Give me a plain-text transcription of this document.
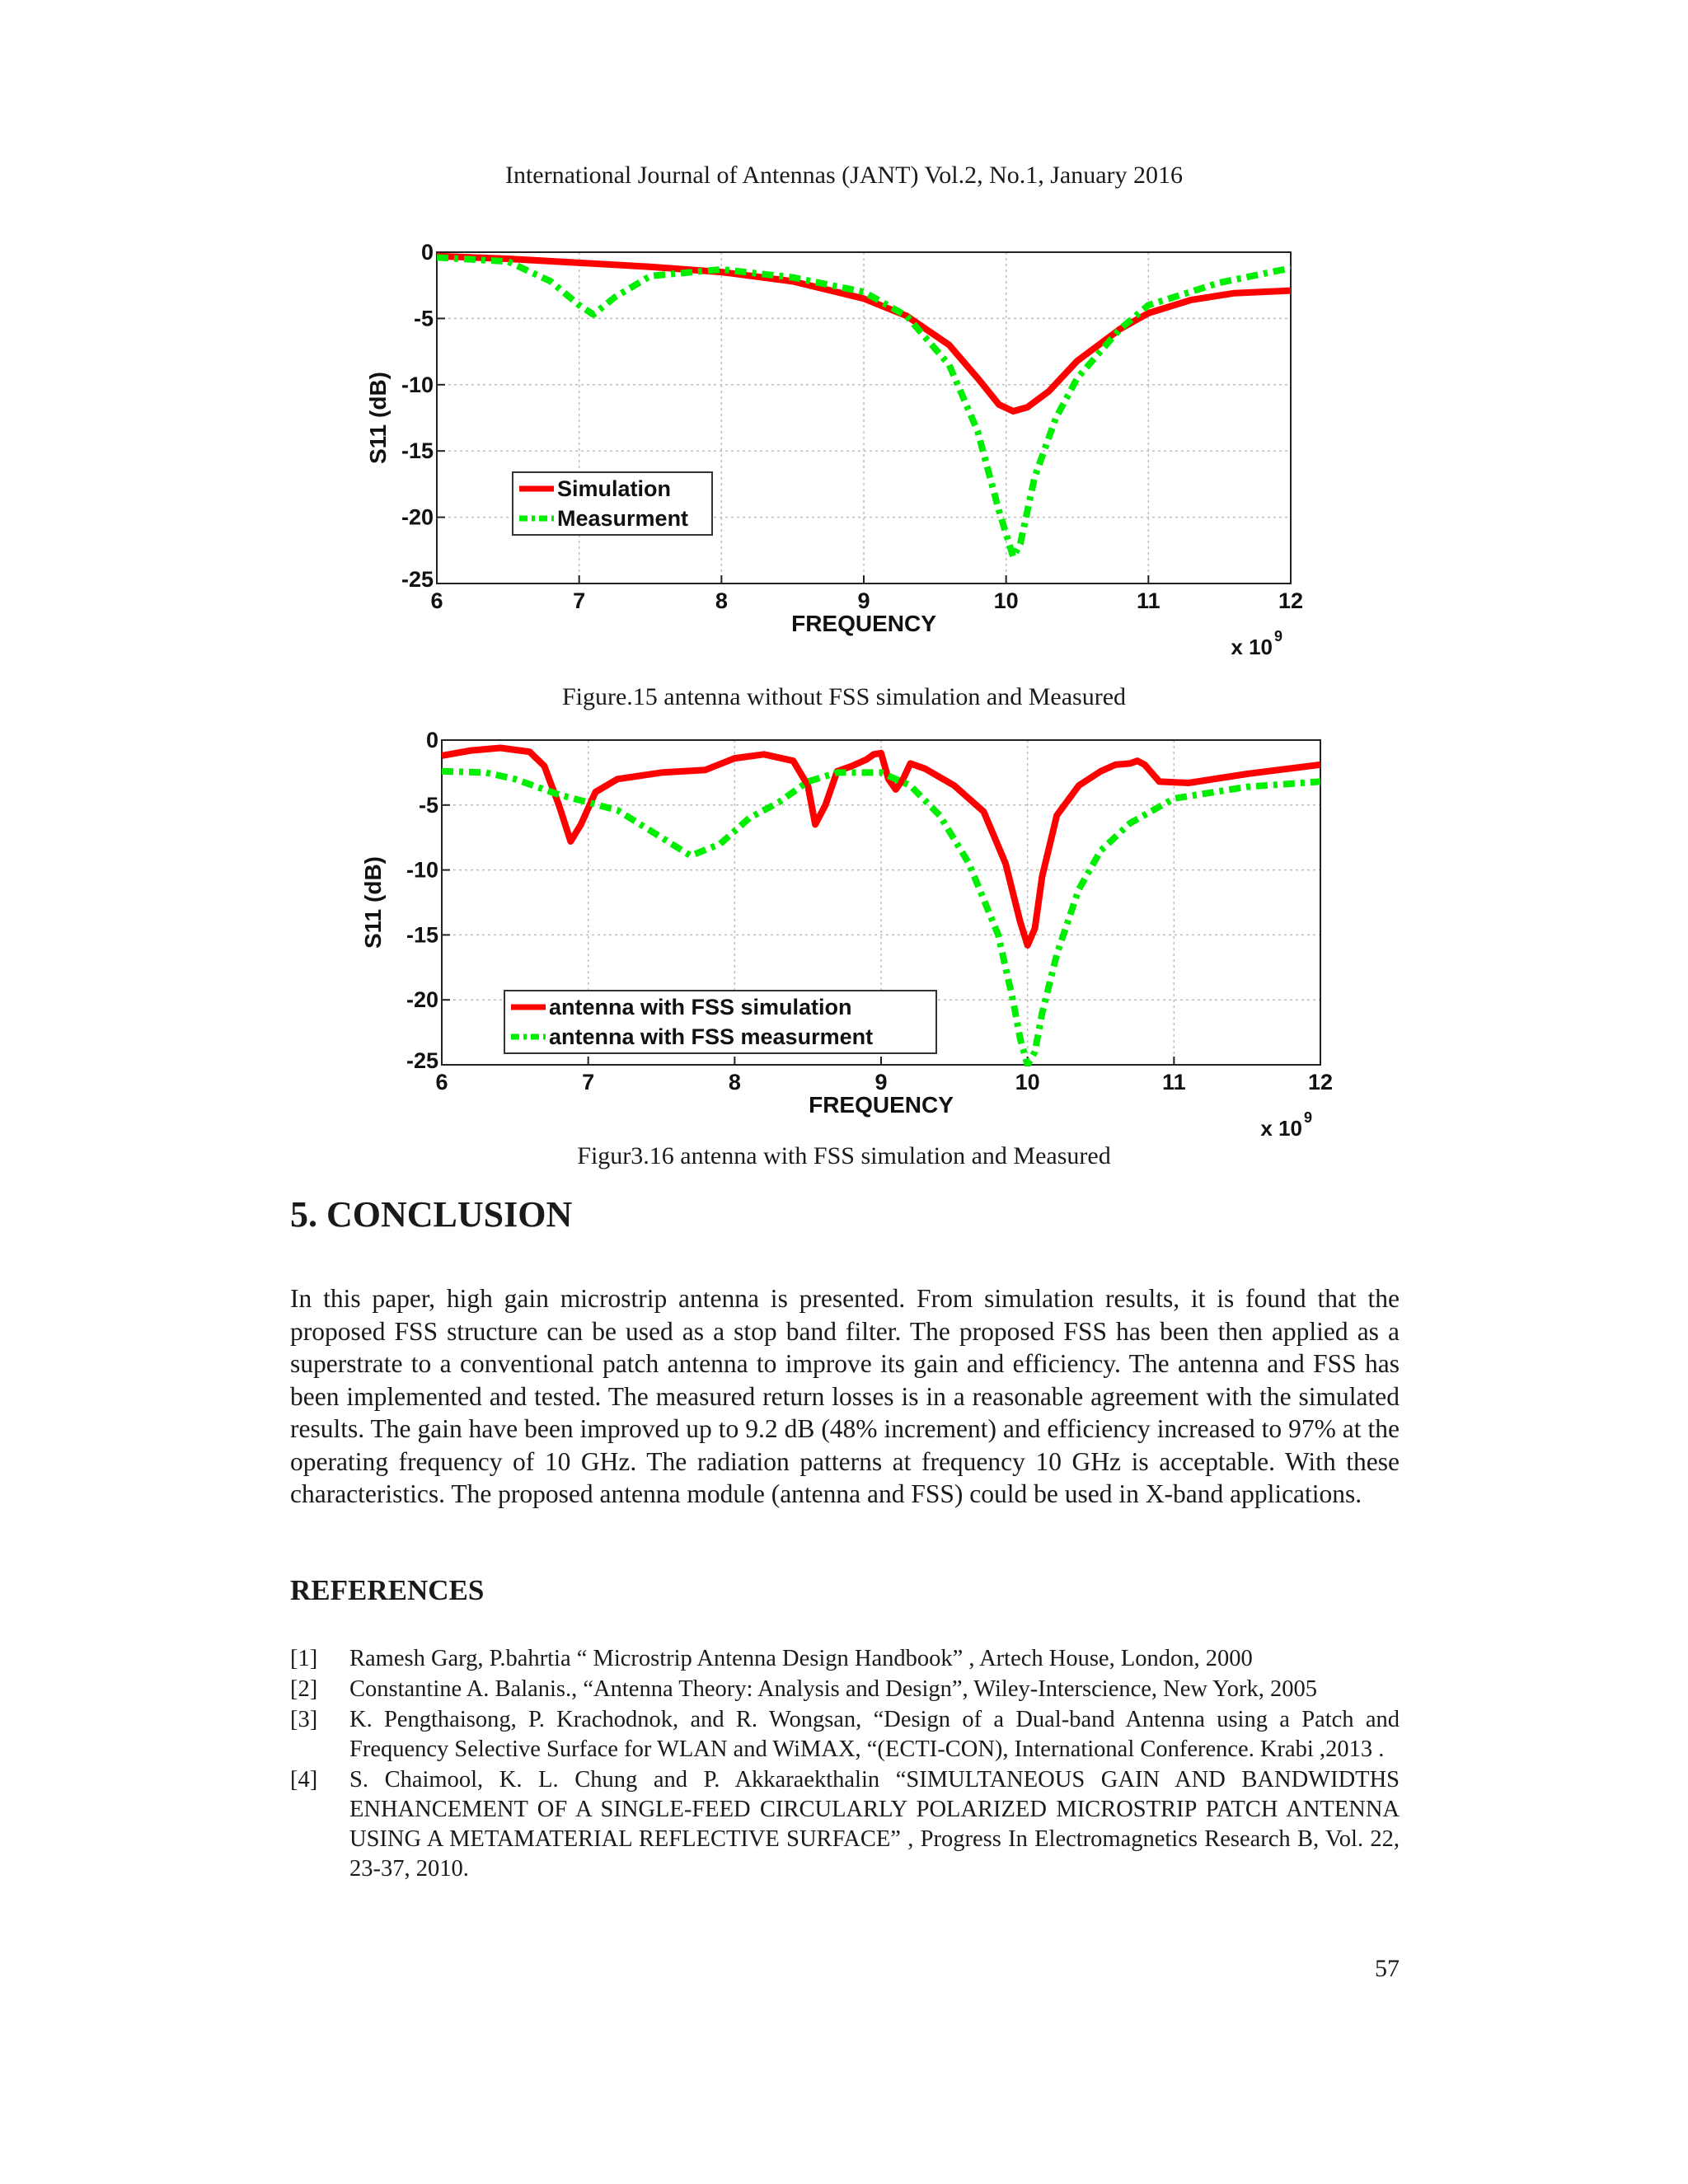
International Journal of Antennas (JANT) Vol.2, No.1, January 2016
6	7	8	9	10	11	12
0
-5
-10
-15
-20
-25
FREQUENCY
S11 (dB)
x 10 9
Simulation
Measurment
Figure.15 antenna without FSS simulation and Measured
6	7	8	9	10	11	12
0
-5
-10
-15
-20
-25
FREQUENCY
S11 (dB)
x 10 9
antenna with FSS simulation
antenna with FSS measurment
Figur3.16 antenna with FSS simulation and Measured
5. CONCLUSION

In this paper, high gain microstrip antenna is presented. From simulation results, it is found that the proposed FSS structure can be used as a stop band filter. The proposed FSS has been then applied as a superstrate to a conventional patch antenna to improve its gain and efficiency. The antenna and FSS has been implemented and tested. The measured return losses is in a reasonable agreement with the simulated results. The gain have been improved up to 9.2 dB (48% increment) and efficiency increased to 97% at the operating frequency of 10 GHz. The radiation patterns at frequency 10 GHz is acceptable. With these characteristics. The proposed antenna module (antenna and FSS) could be used in X-band applications.

REFERENCES
[1]	Ramesh Garg, P.bahrtia “ Microstrip Antenna Design Handbook” , Artech House, London, 2000
[2]	Constantine A. Balanis., “Antenna Theory: Analysis and Design”, Wiley-Interscience, New York, 2005
[3]	K. Pengthaisong, P. Krachodnok, and R. Wongsan, “Design of a Dual-band Antenna using a Patch and Frequency Selective Surface for WLAN and WiMAX, “(ECTI-CON), International Conference. Krabi ,2013 .
[4]	S. Chaimool, K. L. Chung and P. Akkaraekthalin “SIMULTANEOUS GAIN AND BANDWIDTHS ENHANCEMENT OF A SINGLE-FEED CIRCULARLY POLARIZED MICROSTRIP PATCH ANTENNA USING A METAMATERIAL REFLECTIVE SURFACE” , Progress In Electromagnetics Research B, Vol. 22, 23-37, 2010.
57
